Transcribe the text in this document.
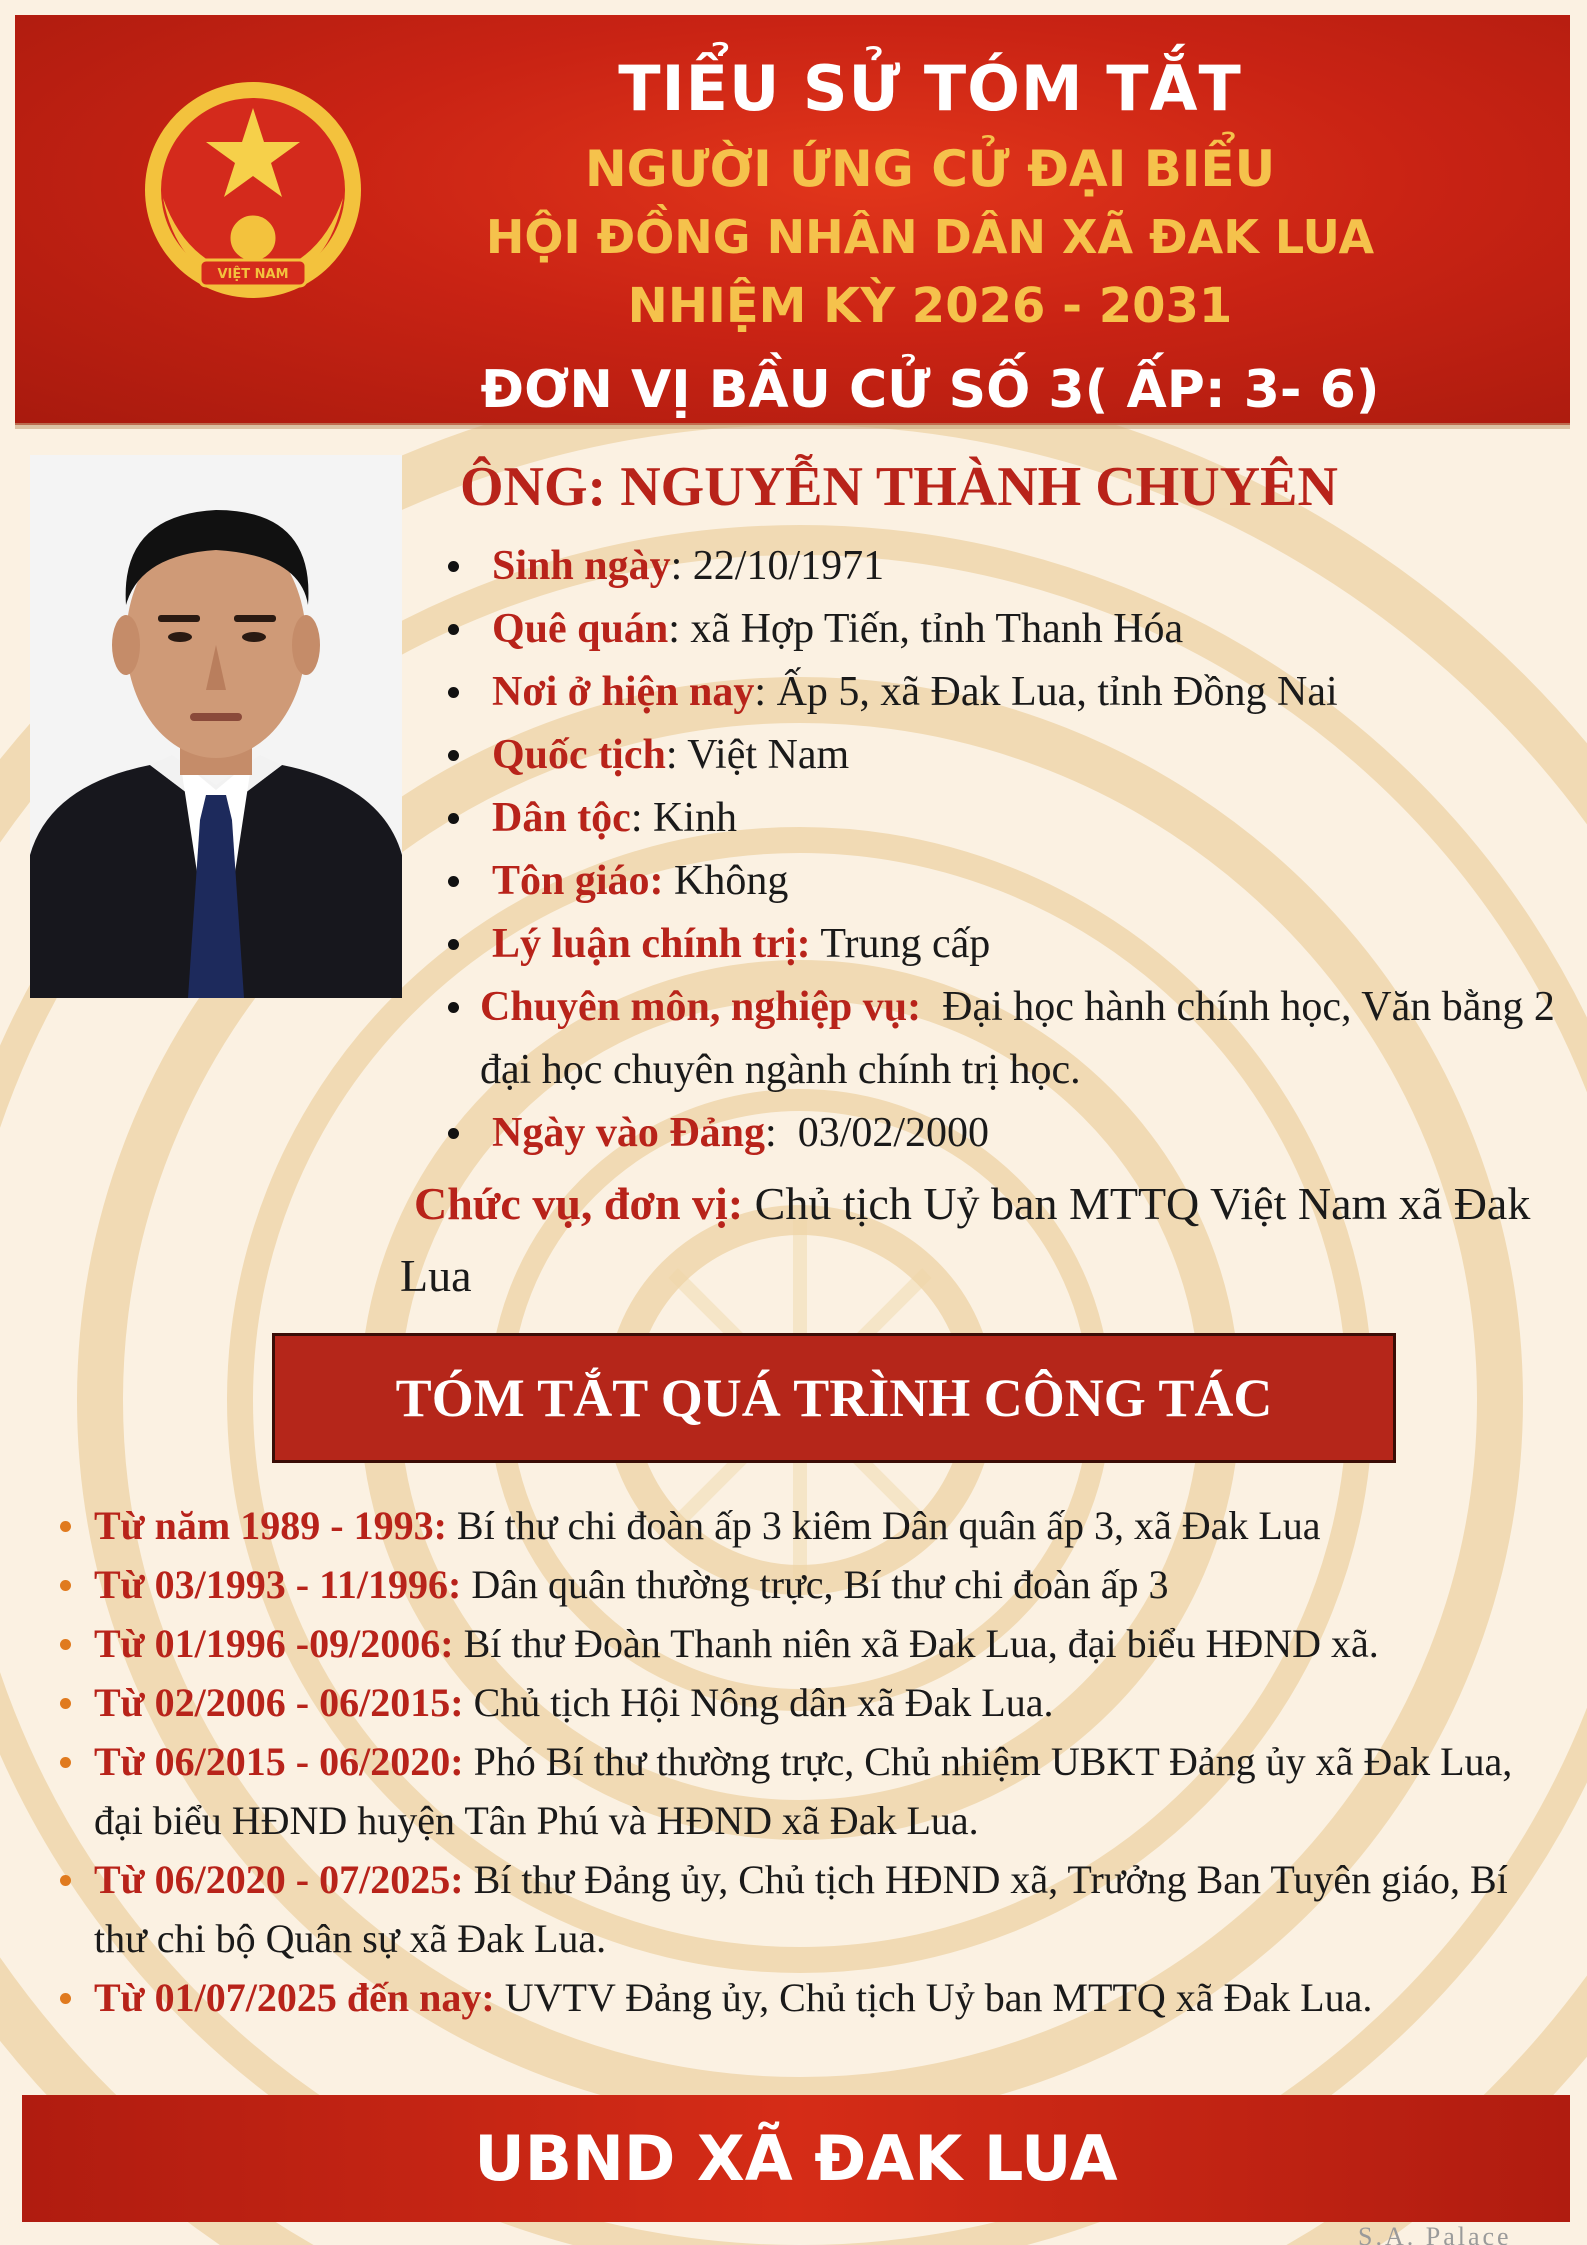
VIỆT NAM
TIỂU SỬ TÓM TẮT
NGƯỜI ỨNG CỬ ĐẠI BIỂU
HỘI ĐỒNG NHÂN DÂN XÃ ĐAK LUA
NHIỆM KỲ 2026 - 2031
ĐƠN VỊ BẦU CỬ SỐ 3( ẤP: 3- 6)
ÔNG: NGUYỄN THÀNH CHUYÊN
Sinh ngày: 22/10/1971
Quê quán: xã Hợp Tiến, tỉnh Thanh Hóa
Nơi ở hiện nay: Ấp 5, xã Đak Lua, tỉnh Đồng Nai
Quốc tịch: Việt Nam
Dân tộc: Kinh
Tôn giáo: Không
Lý luận chính trị: Trung cấp
Chuyên môn, nghiệp vụ: Đại học hành chính học, Văn bằng 2 đại học chuyên ngành chính trị học.
Ngày vào Đảng:  03/02/2000
Chức vụ, đơn vị: Chủ tịch Uỷ ban MTTQ Việt Nam xã Đak Lua
TÓM TẮT QUÁ TRÌNH CÔNG TÁC
Từ năm 1989 - 1993: Bí thư chi đoàn ấp 3 kiêm Dân quân ấp 3, xã Đak Lua
Từ 03/1993 - 11/1996: Dân quân thường trực, Bí thư chi đoàn ấp 3
Từ 01/1996 -09/2006: Bí thư Đoàn Thanh niên xã Đak Lua, đại biểu HĐND xã.
Từ 02/2006 - 06/2015: Chủ tịch Hội Nông dân xã Đak Lua.
Từ 06/2015 - 06/2020: Phó Bí thư thường trực, Chủ nhiệm UBKT Đảng ủy xã Đak Lua, đại biểu HĐND huyện Tân Phú và HĐND xã Đak Lua.
Từ 06/2020 - 07/2025: Bí thư Đảng ủy, Chủ tịch HĐND xã, Trưởng Ban Tuyên giáo, Bí thư chi bộ Quân sự xã Đak Lua.
Từ 01/07/2025 đến nay: UVTV Đảng ủy, Chủ tịch Uỷ ban MTTQ xã Đak Lua.
UBND XÃ ĐAK LUA
S.A. Palace
